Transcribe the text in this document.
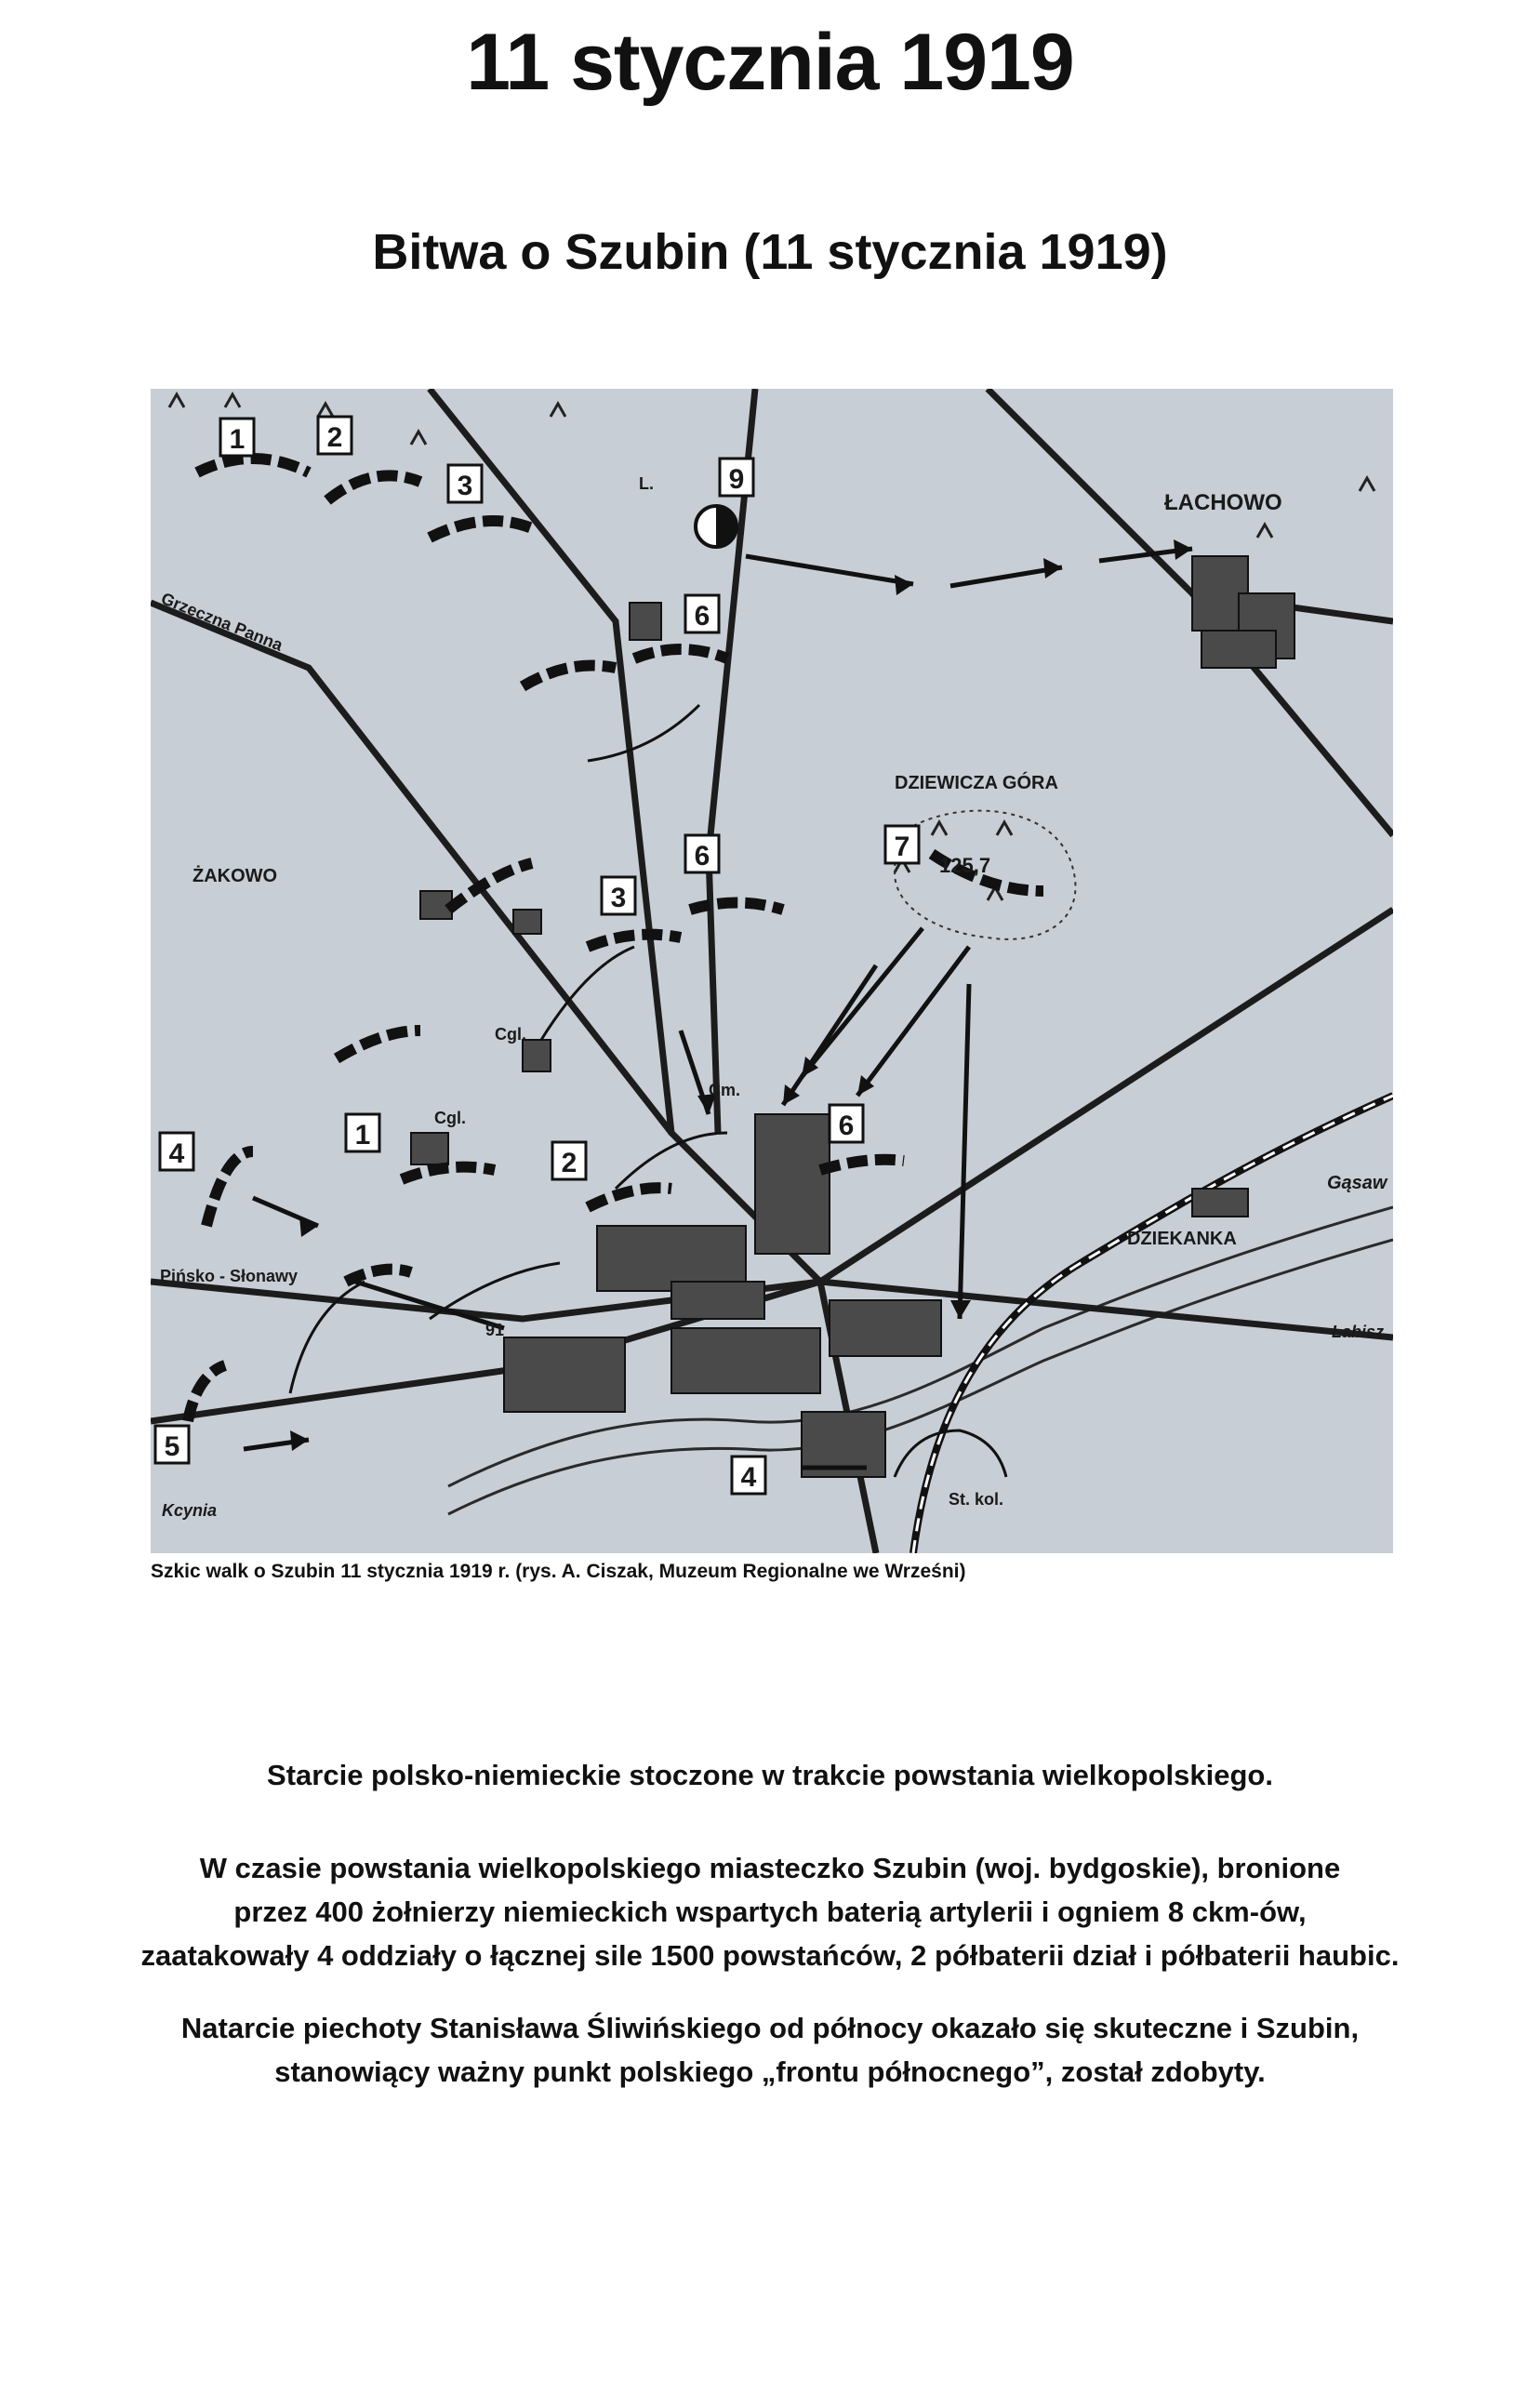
11 stycznia 1919
Bitwa o Szubin (11 stycznia 1919)
1	2
3	9
6
7
3
6
1	6
2
4
5
4
ŁACHOWO
DZIEWICZA GÓRA
125,7
ŻAKOWO
Grzeczna Panna
Pińsko - Słonawy
DZIEKANKA
Gąsaw
Łabisz
Kcynia
St. kol.
Cm.
Cgl.
Cgl.
91
L.

Szkic walk o Szubin 11 stycznia 1919 r. (rys. A. Ciszak, Muzeum Regionalne we Wrześni)

Starcie polsko-niemieckie stoczone w trakcie powstania wielkopolskiego.

W czasie powstania wielkopolskiego miasteczko Szubin (woj. bydgoskie), bronione
przez 400 żołnierzy niemieckich wspartych baterią artylerii i ogniem 8 ckm-ów,
zaatakowały 4 oddziały o łącznej sile 1500 powstańców, 2 półbaterii dział i półbaterii haubic.

Natarcie piechoty Stanisława Śliwińskiego od północy okazało się skuteczne i Szubin,
stanowiący ważny punkt polskiego „frontu północnego”, został zdobyty.
